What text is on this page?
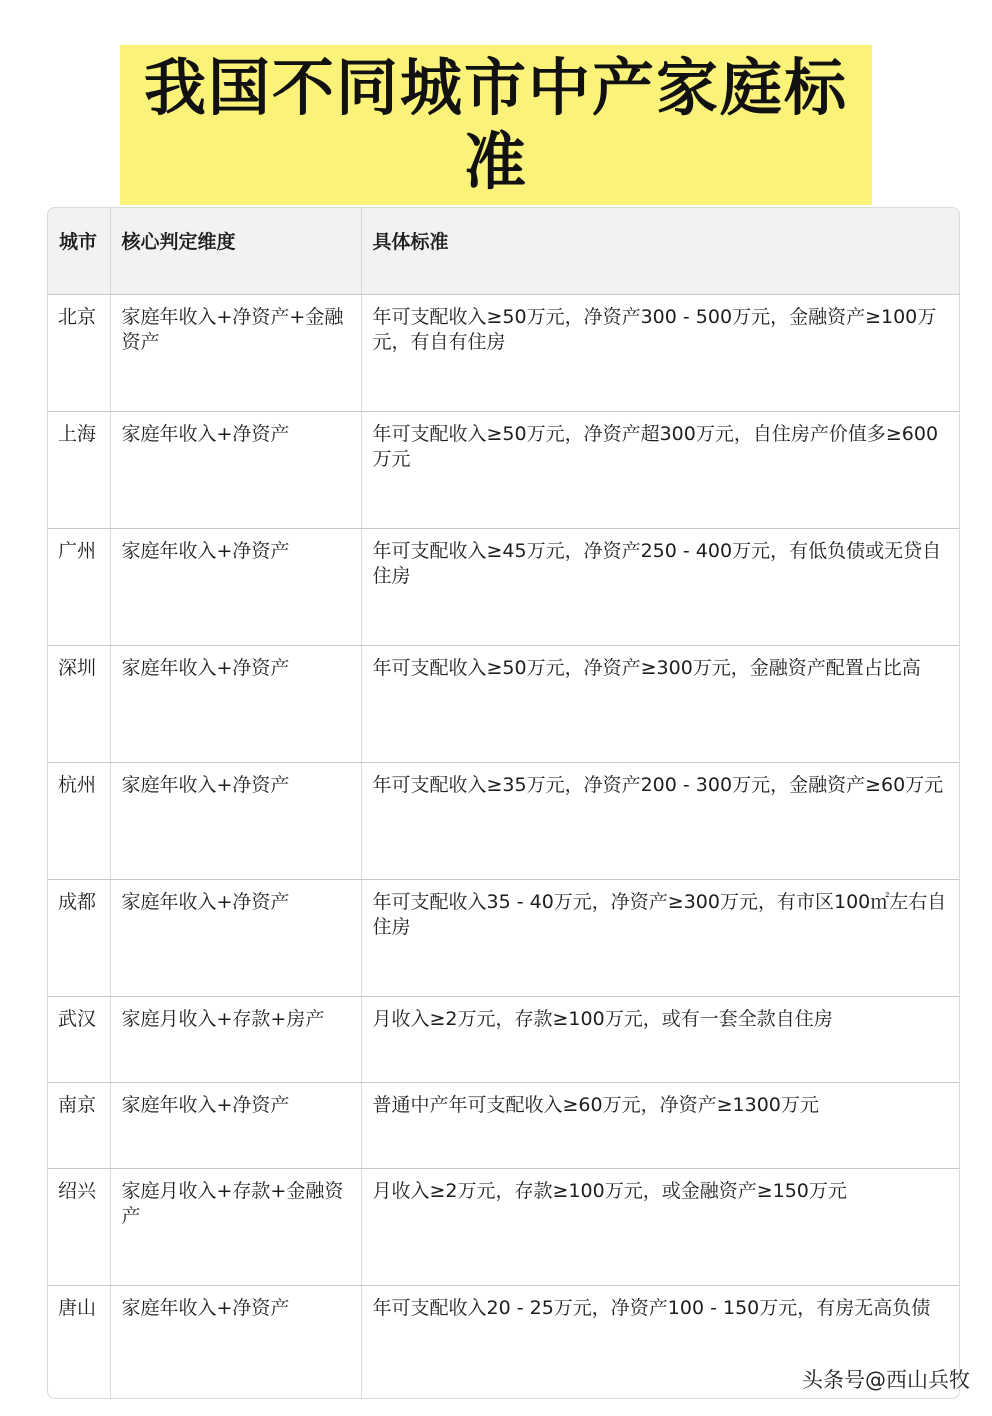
我国不同城市中产家庭标准
城市	核心判定维度	具体标准
北京	家庭年收入+净资产+金融资产	年可支配收入≥50万元，净资产300 - 500万元，金融资产≥100万元，有自有住房
上海	家庭年收入+净资产	年可支配收入≥50万元，净资产超300万元，自住房产价值多≥600万元
广州	家庭年收入+净资产	年可支配收入≥45万元，净资产250 - 400万元，有低负债或无贷自住房
深圳	家庭年收入+净资产	年可支配收入≥50万元，净资产≥300万元，金融资产配置占比高
杭州	家庭年收入+净资产	年可支配收入≥35万元，净资产200 - 300万元，金融资产≥60万元
成都	家庭年收入+净资产	年可支配收入35 - 40万元，净资产≥300万元，有市区100㎡左右自住房
武汉	家庭月收入+存款+房产	月收入≥2万元，存款≥100万元，或有一套全款自住房
南京	家庭年收入+净资产	普通中产年可支配收入≥60万元，净资产≥1300万元
绍兴	家庭月收入+存款+金融资产	月收入≥2万元，存款≥100万元，或金融资产≥150万元
唐山	家庭年收入+净资产	年可支配收入20 - 25万元，净资产100 - 150万元，有房无高负债
头条号@西山兵牧
